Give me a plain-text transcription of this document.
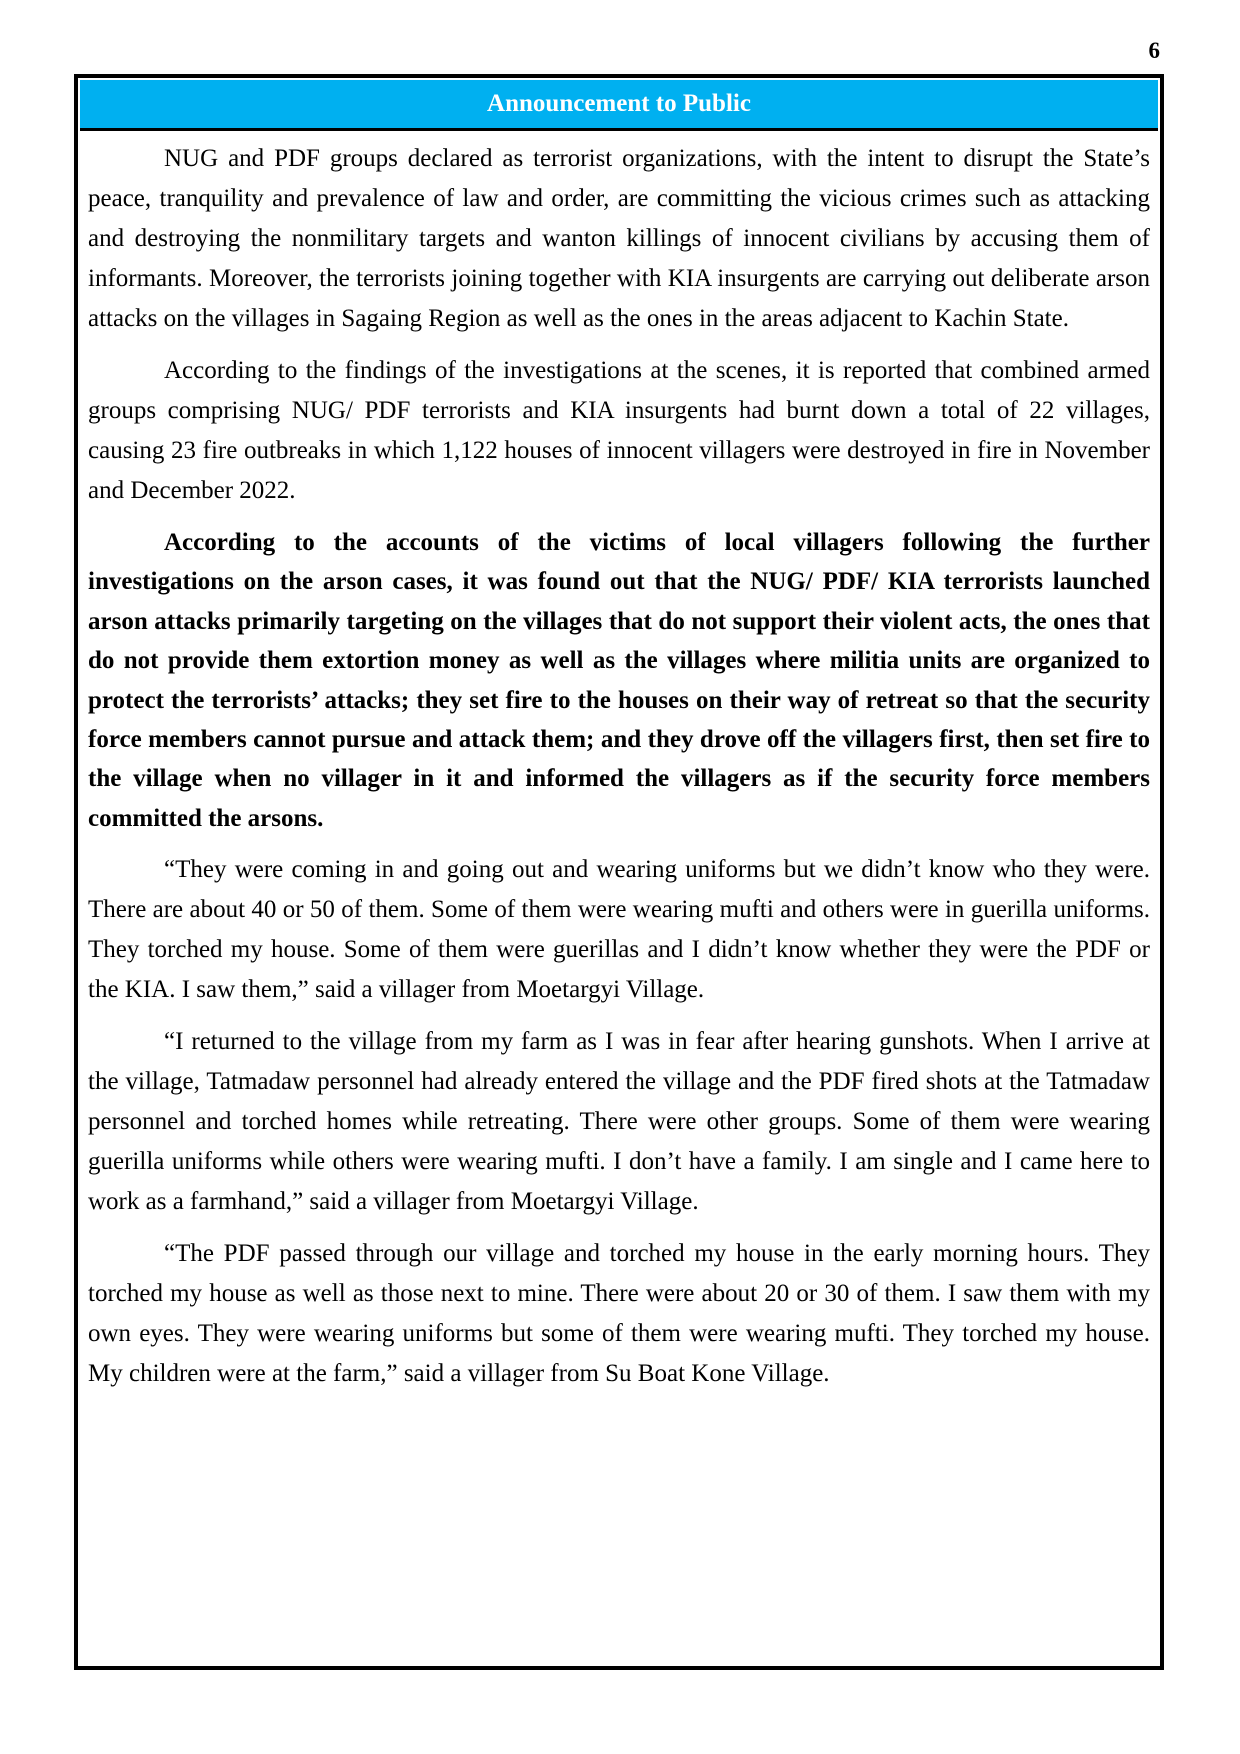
6
Announcement to Public

NUG and PDF groups declared as terrorist organizations, with the intent to disrupt the State’s peace, tranquility and prevalence of law and order, are committing the vicious crimes such as attacking and destroying the nonmilitary targets and wanton killings of innocent civilians by accusing them of informants. Moreover, the terrorists joining together with KIA insurgents are carrying out deliberate arson attacks on the villages in Sagaing Region as well as the ones in the areas adjacent to Kachin State.

According to the findings of the investigations at the scenes, it is reported that combined armed groups comprising NUG/ PDF terrorists and KIA insurgents had burnt down a total of 22 villages, causing 23 fire outbreaks in which 1,122 houses of innocent villagers were destroyed in fire in November and December 2022.

According to the accounts of the victims of local villagers following the further investigations on the arson cases, it was found out that the NUG/ PDF/ KIA terrorists launched arson attacks primarily targeting on the villages that do not support their violent acts, the ones that do not provide them extortion money as well as the villages where militia units are organized to protect the terrorists’ attacks; they set fire to the houses on their way of retreat so that the security force members cannot pursue and attack them; and they drove off the villagers first, then set fire to the village when no villager in it and informed the villagers as if the security force members committed the arsons.

“They were coming in and going out and wearing uniforms but we didn’t know who they were. There are about 40 or 50 of them. Some of them were wearing mufti and others were in guerilla uniforms. They torched my house. Some of them were guerillas and I didn’t know whether they were the PDF or the KIA. I saw them,” said a villager from Moetargyi Village.

“I returned to the village from my farm as I was in fear after hearing gunshots. When I arrive at the village, Tatmadaw personnel had already entered the village and the PDF fired shots at the Tatmadaw personnel and torched homes while retreating. There were other groups. Some of them were wearing guerilla uniforms while others were wearing mufti. I don’t have a family. I am single and I came here to work as a farmhand,” said a villager from Moetargyi Village.

“The PDF passed through our village and torched my house in the early morning hours. They torched my house as well as those next to mine. There were about 20 or 30 of them. I saw them with my own eyes. They were wearing uniforms but some of them were wearing mufti. They torched my house. My children were at the farm,” said a villager from Su Boat Kone Village.
